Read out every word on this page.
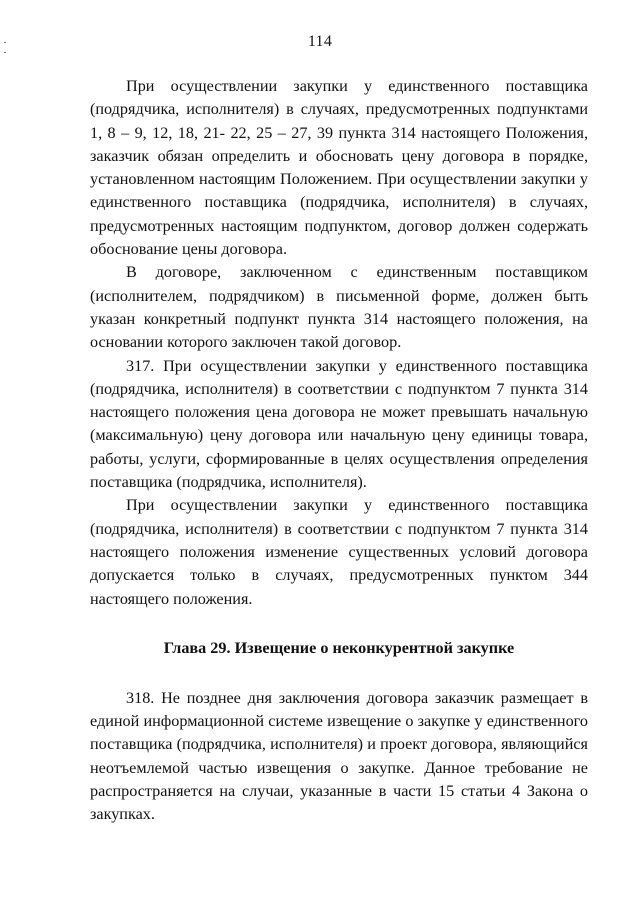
114

При осуществлении закупки у единственного поставщика (подрядчика, исполнителя) в случаях, предусмотренных подпунктами 1, 8 – 9, 12, 18, 21- 22, 25 – 27, 39 пункта 314 настоящего Положения, заказчик обязан определить и обосновать цену договора в порядке, установленном настоящим Положением. При осуществлении закупки у единственного поставщика (подрядчика, исполнителя) в случаях, предусмотренных настоящим подпунктом, договор должен содержать обоснование цены договора.

В договоре, заключенном с единственным поставщиком (исполнителем, подрядчиком) в письменной форме, должен быть указан конкретный подпункт пункта 314 настоящего положения, на основании которого заключен такой договор.

317. При осуществлении закупки у единственного поставщика (подрядчика, исполнителя) в соответствии с подпунктом 7 пункта 314 настоящего положения цена договора не может превышать начальную (максимальную) цену договора или начальную цену единицы товара, работы, услуги, сформированные в целях осуществления определения поставщика (подрядчика, исполнителя).

При осуществлении закупки у единственного поставщика (подрядчика, исполнителя) в соответствии с подпунктом 7 пункта 314 настоящего положения изменение существенных условий договора допускается только в случаях, предусмотренных пунктом 344 настоящего положения.

Глава 29. Извещение о неконкурентной закупке

318. Не позднее дня заключения договора заказчик размещает в единой информационной системе извещение о закупке у единственного поставщика (подрядчика, исполнителя) и проект договора, являющийся неотъемлемой частью извещения о закупке. Данное требование не распространяется на случаи, указанные в части 15 статьи 4 Закона о закупках.
